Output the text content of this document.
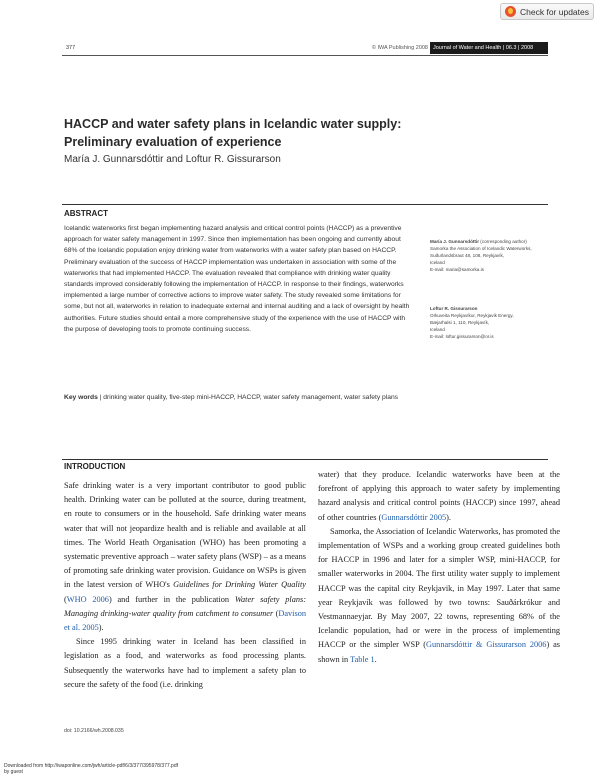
Check for updates
377	© IWA Publishing 2008 Journal of Water and Health | 06.3 | 2008
HACCP and water safety plans in Icelandic water supply: Preliminary evaluation of experience
María J. Gunnarsdóttir and Loftur R. Gissurarson
ABSTRACT
Icelandic waterworks first began implementing hazard analysis and critical control points (HACCP) as a preventive approach for water safety management in 1997. Since then implementation has been ongoing and currently about 68% of the Icelandic population enjoy drinking water from waterworks with a water safety plan based on HACCP. Preliminary evaluation of the success of HACCP implementation was undertaken in association with some of the waterworks that had implemented HACCP. The evaluation revealed that compliance with drinking water quality standards improved considerably following the implementation of HACCP. In response to their findings, waterworks implemented a large number of corrective actions to improve water safety. The study revealed some limitations for some, but not all, waterworks in relation to inadequate external and internal auditing and a lack of oversight by health authorities. Future studies should entail a more comprehensive study of the experience with the use of HACCP with the purpose of developing tools to promote continuing success.
Key words | drinking water quality, five-step mini-HACCP, HACCP, water safety management, water safety plans
María J. Gunnarsdóttir (corresponding author)
Samorka the Association of Icelandic Waterworks,
Suðurlandsbraut 48, 108, Reykjavík,
Iceland
E-mail: maria@samorka.is
Loftur R. Gissurarson
Orkuveita Reykjavíkur, Reykjavik Energy,
Bæjarhalsi 1, 110, Reykjavík,
Iceland
E-mail: loftur.gissurarson@or.is
INTRODUCTION

Safe drinking water is a very important contributor to good public health. Drinking water can be polluted at the source, during treatment, en route to consumers or in the household. Safe drinking water means water that will not jeopardize health and is reliable and available at all times. The World Heath Organisation (WHO) has been promoting a systematic preventive approach – water safety plans (WSP) – as a means of promoting safe drinking water provision. Guidance on WSPs is given in the latest version of WHO's Guidelines for Drinking Water Quality (WHO 2006) and further in the publication Water safety plans: Managing drinking-water quality from catchment to consumer (Davison et al. 2005).

Since 1995 drinking water in Iceland has been classified in legislation as a food, and waterworks as food processing plants. Subsequently the waterworks have had to implement a safety plan to secure the safety of the food (i.e. drinking

water) that they produce. Icelandic waterworks have been at the forefront of applying this approach to water safety by implementing hazard analysis and critical control points (HACCP) since 1997, ahead of other countries (Gunnarsdóttir 2005).

Samorka, the Association of Icelandic Waterworks, has promoted the implementation of WSPs and a working group created guidelines both for HACCP in 1996 and later for a simpler WSP, mini-HACCP, for smaller waterworks in 2004. The first utility water supply to implement HACCP was the capital city Reykjavik, in May 1997. Later that same year Reykjavík was followed by two towns: Sauðárkrókur and Vestmannaeyjar. By May 2007, 22 towns, representing 68% of the Icelandic population, had or were in the process of implementing HACCP or the simpler WSP (Gunnarsdóttir & Gissurarson 2006) as shown in Table 1.

doi: 10.2166/wh.2008.035
Downloaded from http://iwaponline.com/jwh/article-pdf/6/3/377/395978/377.pdf
by guest
